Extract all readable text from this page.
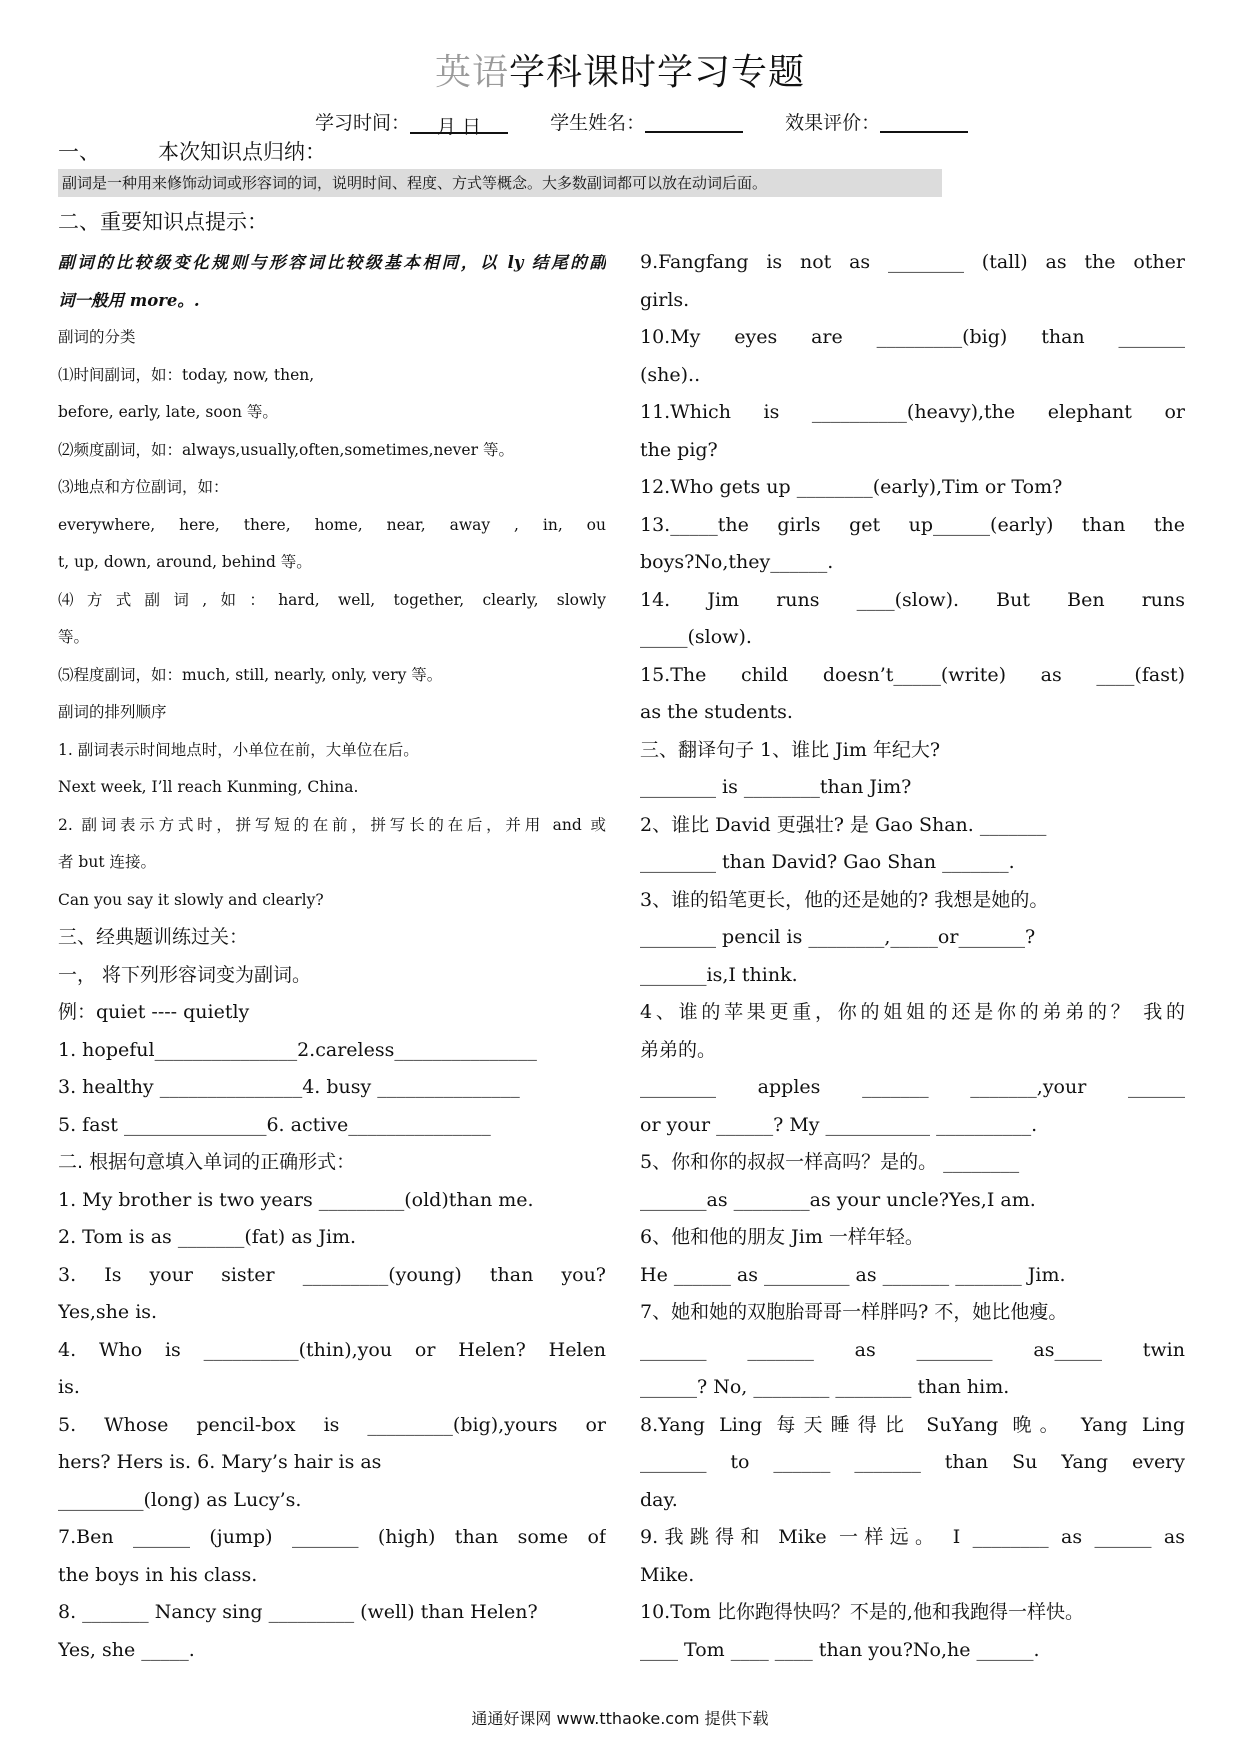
英语学科课时学习专题
学习时间：月 日	学生姓名：	效果评价：
一、	本次知识点归纳：
副词是一种用来修饰动词或形容词的词，说明时间、程度、方式等概念。大多数副词都可以放在动词后面。
二、重要知识点提示：
副词的比较级变化规则与形容词比较级基本相同，以 ly 结尾的副
词一般用 more。.
副词的分类
⑴时间副词，如：today, now, then,
before, early, late, soon 等。
⑵频度副词，如：always,usually,often,sometimes,never 等。
⑶地点和方位副词，如：
everywhere, here, there, home, near, away , in, ou
t, up, down, around, behind 等。
⑷方式副词,如：hard, well, together, clearly, slowly
等。
⑸程度副词，如：much, still, nearly, only, very 等。
副词的排列顺序
1. 副词表示时间地点时，小单位在前，大单位在后。
Next week, I’ll reach Kunming, China.
2. 副词表示方式时，拼写短的在前，拼写长的在后，并用 and 或
者 but 连接。
Can you say it slowly and clearly?
三、经典题训练过关：
一， 将下列形容词变为副词。
例：quiet ---- quietly
1. hopeful_______________2.careless_______________
3. healthy _______________4. busy _______________
5. fast _______________6. active_______________
二. 根据句意填入单词的正确形式：
1. My brother is two years _________(old)than me.
2. Tom is as _______(fat) as Jim.
3. Is your sister _________(young) than you?
Yes,she is.
4. Who is __________(thin),you or Helen? Helen
is.
5. Whose pencil-box is _________(big),yours or
hers? Hers is. 6. Mary’s hair is as
_________(long) as Lucy’s.
7.Ben ______ (jump) _______ (high) than some of
the boys in his class.
8. _______ Nancy sing _________ (well) than Helen?
Yes, she _____.
9.Fangfang is not as ________ (tall) as the other
girls.
10.My eyes are _________(big) than _______
(she)..
11.Which is __________(heavy),the elephant or
the pig?
12.Who gets up ________(early),Tim or Tom?
13._____the girls get up______(early) than the
boys?No,they______.
14. Jim runs ____(slow). But Ben runs
_____(slow).
15.The child doesn’t_____(write) as ____(fast)
as the students.
三、翻译句子 1、谁比 Jim 年纪大?
________ is ________than Jim?
2、谁比 David 更强壮? 是 Gao Shan. _______
________ than David? Gao Shan _______.
3、谁的铅笔更长，他的还是她的? 我想是她的。
________ pencil is ________,_____or_______?
_______is,I think.
4、谁的苹果更重，你的姐姐的还是你的弟弟的？ 我的
弟弟的。
________ apples _______ _______,your ______
or your ______? My ___________ __________.
5、你和你的叔叔一样高吗？是的。 ________
_______as ________as your uncle?Yes,I am.
6、他和他的朋友 Jim 一样年轻。
He ______ as _________ as _______ _______ Jim.
7、她和她的双胞胎哥哥一样胖吗? 不，她比他瘦。
_______ _______ as ________ as_____ twin
______? No, ________ ________ than him.
8.Yang Ling 每天睡得比 SuYang 晚。 Yang Ling
_______ to ______ _______ than Su Yang every
day.
9.我跳得和 Mike 一样远。 I ________ as ______ as
Mike.
10.Tom 比你跑得快吗？不是的,他和我跑得一样快。
____ Tom ____ ____ than you?No,he ______.
通通好课网 www.tthaoke.com 提供下载
